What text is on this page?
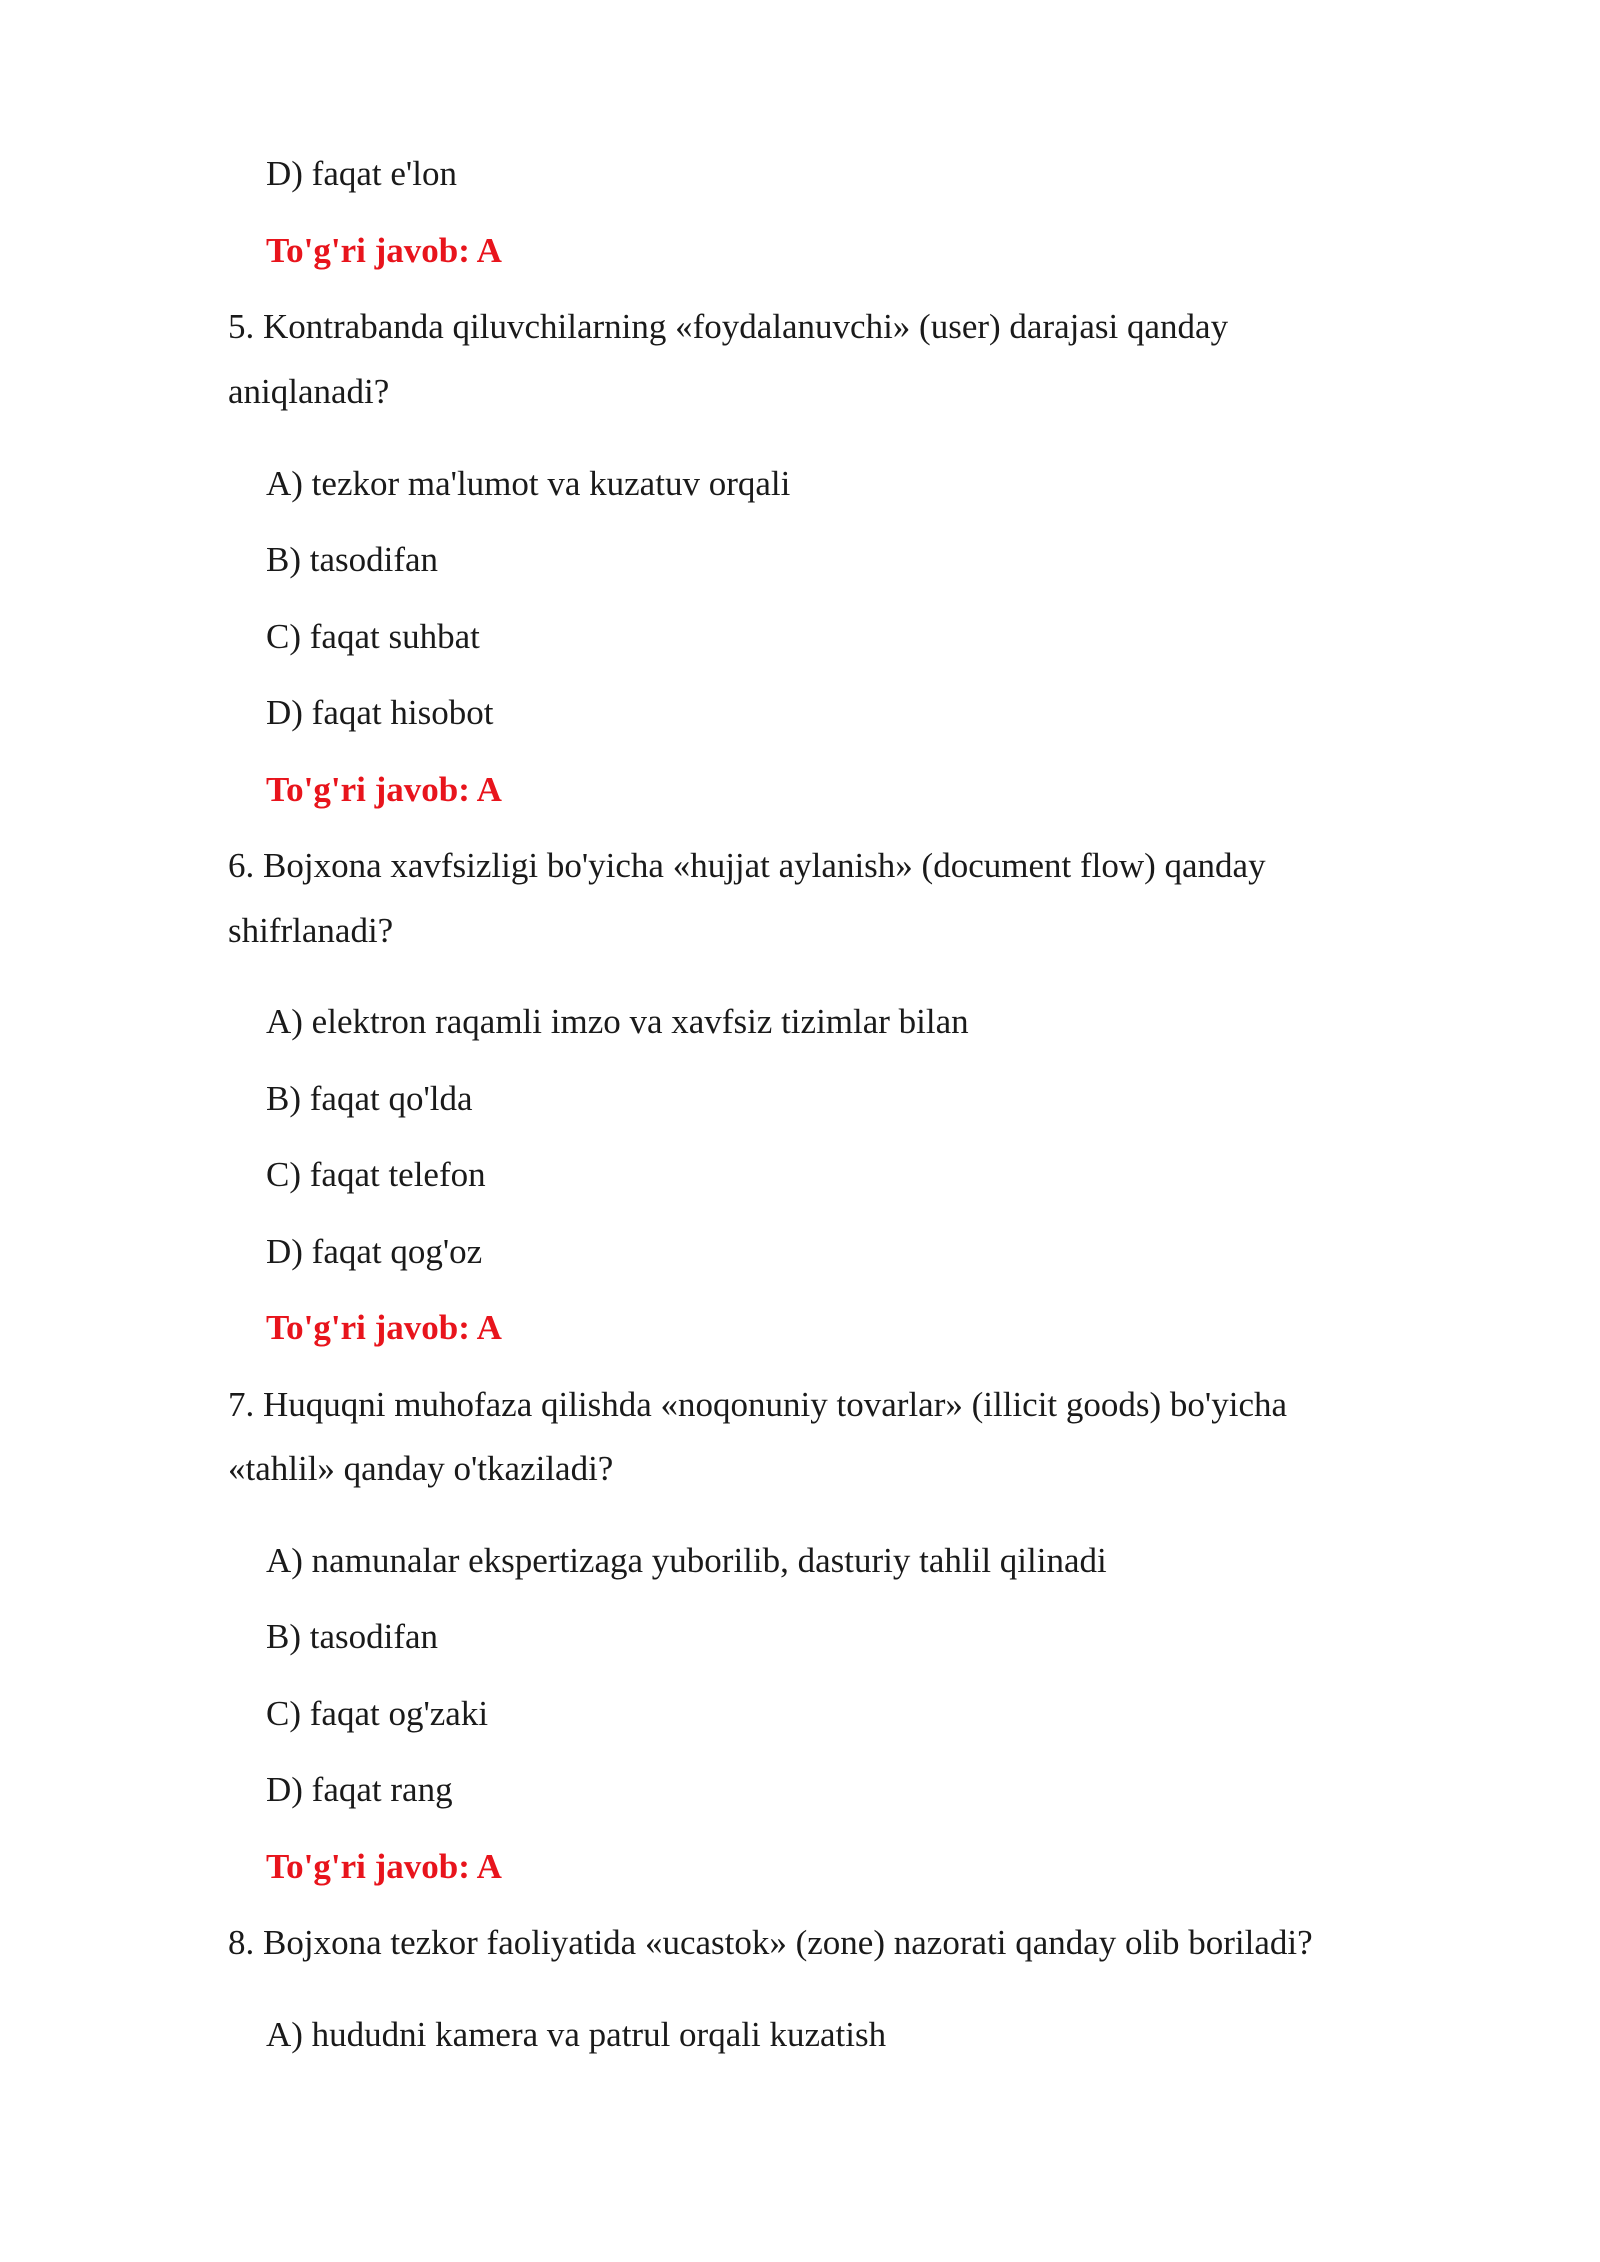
D) faqat e'lon
To'g'ri javob: A
5. Kontrabanda qiluvchilarning «foydalanuvchi» (user) darajasi qanday
aniqlanadi?
A) tezkor ma'lumot va kuzatuv orqali
B) tasodifan
C) faqat suhbat
D) faqat hisobot
To'g'ri javob: A
6. Bojxona xavfsizligi bo'yicha «hujjat aylanish» (document flow) qanday
shifrlanadi?
A) elektron raqamli imzo va xavfsiz tizimlar bilan
B) faqat qo'lda
C) faqat telefon
D) faqat qog'oz
To'g'ri javob: A
7. Huquqni muhofaza qilishda «noqonuniy tovarlar» (illicit goods) bo'yicha
«tahlil» qanday o'tkaziladi?
A) namunalar ekspertizaga yuborilib, dasturiy tahlil qilinadi
B) tasodifan
C) faqat og'zaki
D) faqat rang
To'g'ri javob: A
8. Bojxona tezkor faoliyatida «ucastok» (zone) nazorati qanday olib boriladi?
A) hududni kamera va patrul orqali kuzatish
